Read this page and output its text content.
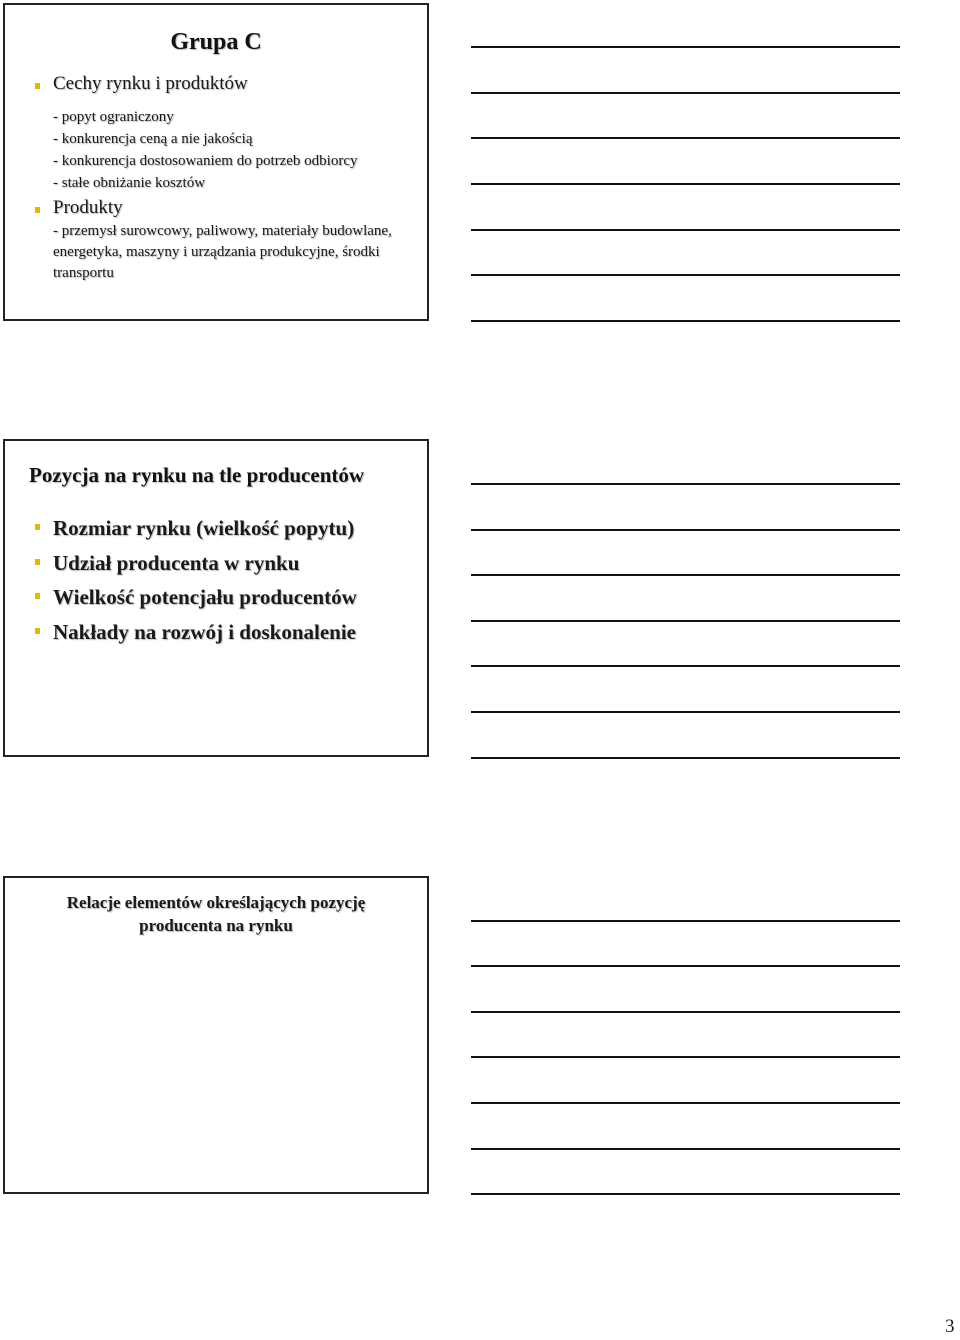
Grupa C
Cechy rynku i produktów
- popyt ograniczony
- konkurencja ceną a nie jakością
- konkurencja dostosowaniem do potrzeb odbiorcy
- stałe obniżanie kosztów
Produkty

- przemysł surowcowy, paliwowy, materiały budowlane, energetyka, maszyny i urządzania produkcyjne, środki transportu

Pozycja na rynku na tle producentów
Rozmiar rynku (wielkość popytu)
Udział producenta w rynku
Wielkość potencjału producentów
Nakłady na rozwój i doskonalenie
Relacje elementów określających pozycję
producenta na rynku
3
